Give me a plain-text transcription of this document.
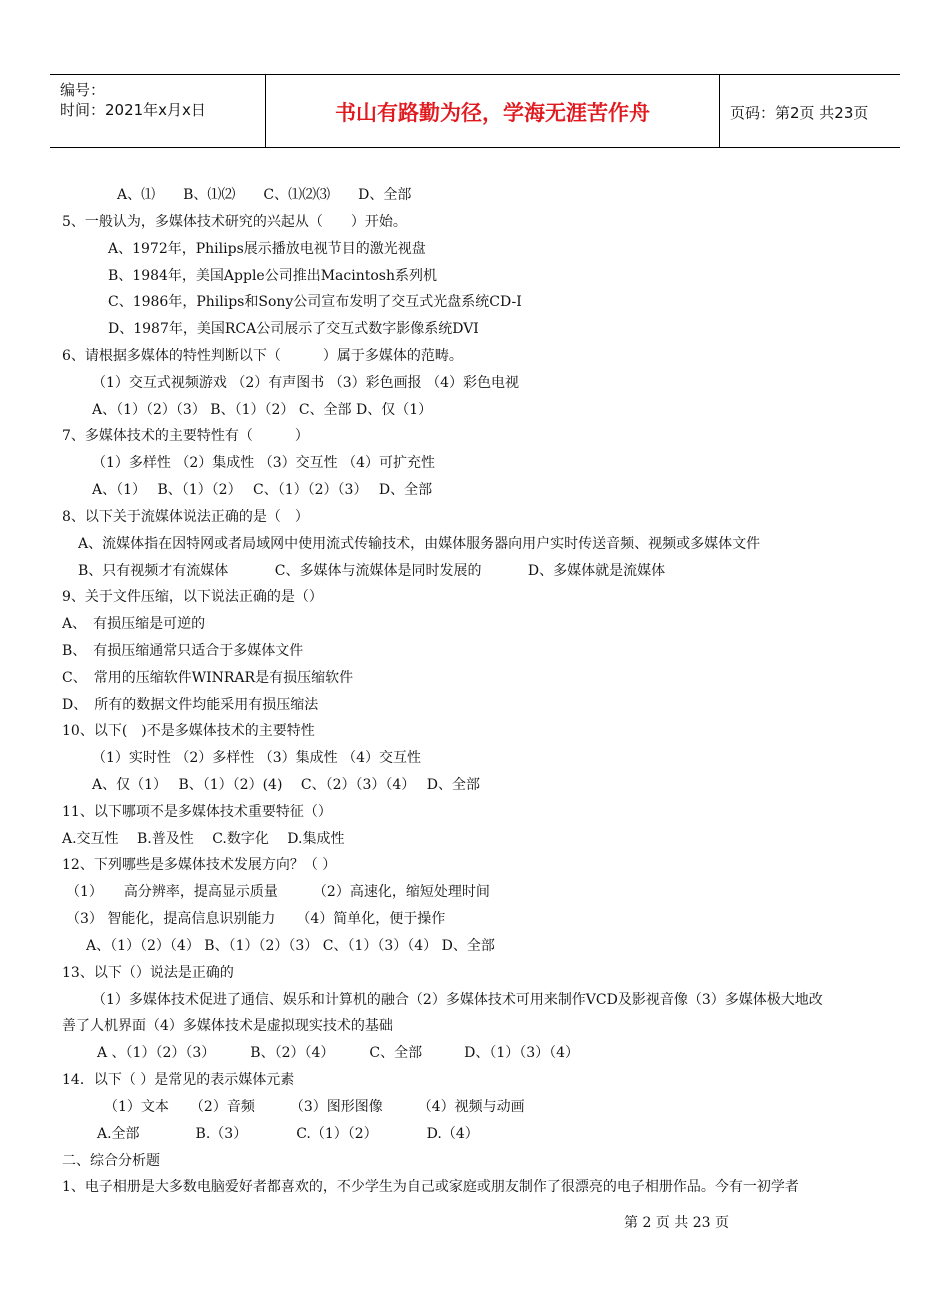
编号：
时间：2021年x月x日	书山有路勤为径，学海无涯苦作舟	页码：第2页 共23页
A、⑴　　B、⑴⑵　　C、⑴⑵⑶　　D、全部
5、一般认为，多媒体技术研究的兴起从（　　）开始。
A、1972年，Philips展示播放电视节目的激光视盘
B、1984年，美国Apple公司推出Macintosh系列机
C、1986年，Philips和Sony公司宣布发明了交互式光盘系统CD-I
D、1987年，美国RCA公司展示了交互式数字影像系统DVI
6、请根据多媒体的特性判断以下（　　　）属于多媒体的范畴。
（1）交互式视频游戏 （2）有声图书 （3）彩色画报 （4）彩色电视
A、（1）（2）（3） B、（1）（2） C、全部 D、仅（1）
7、多媒体技术的主要特性有（　　　）
（1）多样性 （2）集成性 （3）交互性 （4）可扩充性
A、（1）　 B、（1）（2）　 C、（1）（2）（3）　 D、全部
8、以下关于流媒体说法正确的是（　）
A、流媒体指在因特网或者局域网中使用流式传输技术，由媒体服务器向用户实时传送音频、视频或多媒体文件
B、只有视频才有流媒体　　　 C、多媒体与流媒体是同时发展的　　　 D、多媒体就是流媒体
9、关于文件压缩，以下说法正确的是（）
A、　有损压缩是可逆的
B、　有损压缩通常只适合于多媒体文件
C、　常用的压缩软件WINRAR是有损压缩软件
D、　所有的数据文件均能采用有损压缩法
10、以下(　)不是多媒体技术的主要特性
（1）实时性 （2）多样性 （3）集成性 （4）交互性
A、仅（1）　 B、（1）（2）(4)　 C、（2）（3）（4）　 D、全部
11、以下哪项不是多媒体技术重要特征（）
A.交互性　 B.普及性　 C.数字化　 D.集成性
12、下列哪些是多媒体技术发展方向？（ ）
（1）　　高分辨率，提高显示质量　　　（2）高速化，缩短处理时间
（3） 智能化，提高信息识别能力　　（4）简单化，便于操作
A、（1）（2）（4） B、（1）（2）（3） C、（1）（3）（4） D、全部
13、以下（）说法是正确的
（1）多媒体技术促进了通信、娱乐和计算机的融合（2）多媒体技术可用来制作VCD及影视音像（3）多媒体极大地改
善了人机界面（4）多媒体技术是虚拟现实技术的基础
A 、（1）（2）（3）　　　B、（2）（4）　　　C、全部　　　D、（1）（3）（4）
14．以下（ ）是常见的表示媒体元素
（1）文本　　（2）音频　　　（3）图形图像　　　（4）视频与动画
A.全部　　　　B.（3）　　　　C.（1）（2）　　　　D.（4）
二、综合分析题
1、电子相册是大多数电脑爱好者都喜欢的，不少学生为自己或家庭或朋友制作了很漂亮的电子相册作品。今有一初学者
第 2 页 共 23 页
